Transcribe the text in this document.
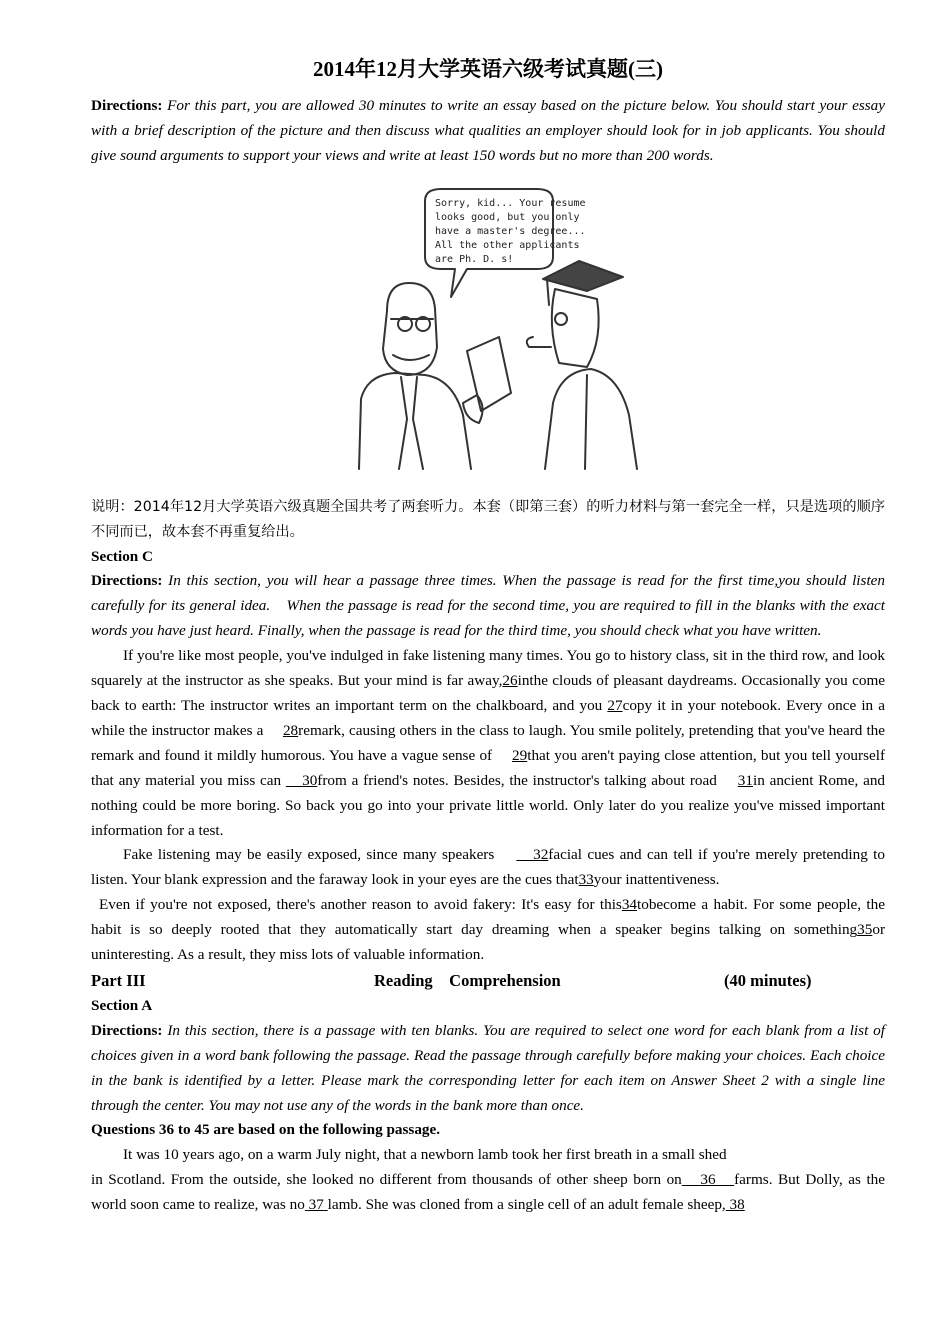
2014年12月大学英语六级考试真题(三)

Directions: For this part, you are allowed 30 minutes to write an essay based on the picture below. You should start your essay with a brief description of the picture and then discuss what qualities an employer should look for in job applicants. You should give sound arguments to support your views and write at least 150 words but no more than 200 words.

Sorry, kid... Your resume
looks good, but you only
have a master's degree...
All the other applicants
are Ph. D. s!

说明：2014年12月大学英语六级真题全国共考了两套听力。本套（即第三套）的听力材料与第一套完全一样，只是选项的顺序不同而已，故本套不再重复给出。

Section C

Directions: In this section, you will hear a passage three times. When the passage is read for the first time,you should listen carefully for its general idea.　When the passage is read for the second time, you are required to fill in the blanks with the exact words you have just heard. Finally, when the passage is read for the third time, you should check what you have written.

If you're like most people, you've indulged in fake listening many times. You go to history class, sit in the third row, and look squarely at the instructor as she speaks. But your mind is far away,26inthe clouds of pleasant daydreams. Occasionally you come back to earth: The instructor writes an important term on the chalkboard, and you 27copy it in your notebook. Every once in a while the instructor makes a 　28remark, causing others in the class to laugh. You smile politely, pretending that you've heard the remark and found it mildly humorous. You have a vague sense of 　29that you aren't paying close attention, but you tell yourself that any material you miss can 　30from a friend's notes. Besides, the instructor's talking about road 　31in ancient Rome, and nothing could be more boring. So back you go into your private little world. Only later do you realize you've missed important information for a test.

Fake listening may be easily exposed, since many speakers 　　32facial cues and can tell if you're merely pretending to listen. Your blank expression and the faraway look in your eyes are the cues that33your inattentiveness.

Even if you're not exposed, there's another reason to avoid fakery: It's easy for this34tobecome a habit. For some people, the habit is so deeply rooted that they automatically start day dreaming when a speaker begins talking on something35or uninteresting. As a result, they miss lots of valuable information.

Part III	Reading　Comprehension	(40 minutes)

Section A

Directions: In this section, there is a passage with ten blanks. You are required to select one word for each blank from a list of choices given in a word bank following the passage. Read the passage through carefully before making your choices. Each choice in the bank is identified by a letter. Please mark the corresponding letter for each item on Answer Sheet 2 with a single line through the center. You may not use any of the words in the bank more than once.

Questions 36 to 45 are based on the following passage.

It was 10 years ago, on a warm July night, that a newborn lamb took her first breath in a small shed

in Scotland. From the outside, she looked no different from thousands of other sheep born on　 36　 farms. But Dolly, as the world soon came to realize, was no 37 lamb. She was cloned from a single cell of an adult female sheep, 38
